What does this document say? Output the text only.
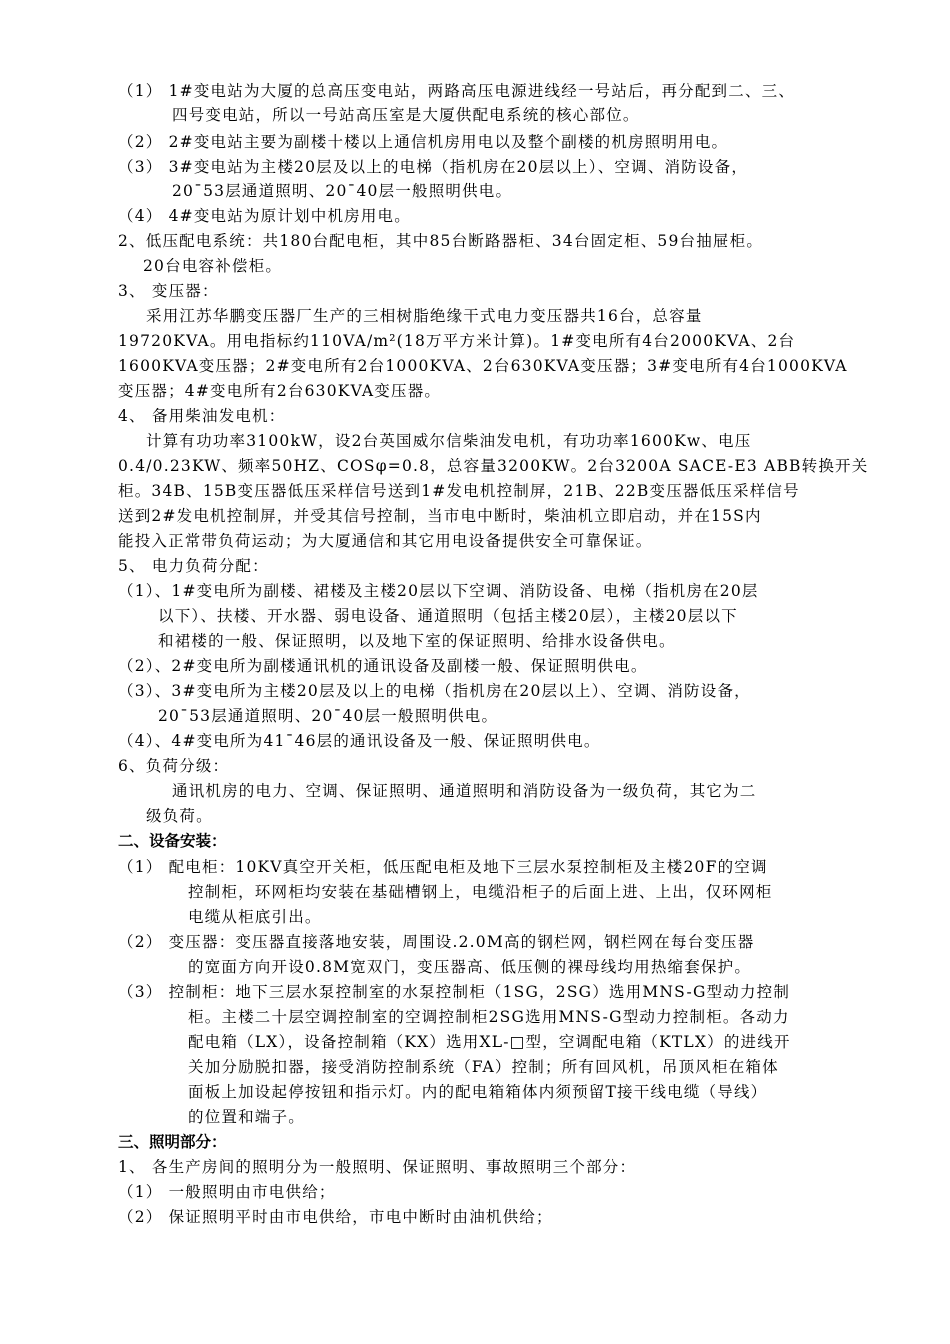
（1） 1#变电站为大厦的总高压变电站，两路高压电源进线经一号站后，再分配到二、三、
四号变电站，所以一号站高压室是大厦供配电系统的核心部位。
（2） 2#变电站主要为副楼十楼以上通信机房用电以及整个副楼的机房照明用电。
（3） 3#变电站为主楼20层及以上的电梯（指机房在20层以上）、空调、消防设备，
20¯53层通道照明、20¯40层一般照明供电。
（4） 4#变电站为原计划中机房用电。
2、低压配电系统：共180台配电柜，其中85台断路器柜、34台固定柜、59台抽屉柜。
20台电容补偿柜。
3、 变压器：
采用江苏华鹏变压器厂生产的三相树脂绝缘干式电力变压器共16台，总容量
19720KVA。用电指标约110VA/m²(18万平方米计算)。1#变电所有4台2000KVA、2台
1600KVA变压器；2#变电所有2台1000KVA、2台630KVA变压器；3#变电所有4台1000KVA
变压器；4#变电所有2台630KVA变压器。
4、 备用柴油发电机：
计算有功功率3100kW，设2台英国威尔信柴油发电机，有功功率1600Kw、电压
0.4/0.23KW、频率50HZ、COSφ=0.8，总容量3200KW。2台3200A SACE-E3 ABB转换开关
柜。34B、15B变压器低压采样信号送到1#发电机控制屏，21B、22B变压器低压采样信号
送到2#发电机控制屏，并受其信号控制，当市电中断时，柴油机立即启动，并在15S内
能投入正常带负荷运动；为大厦通信和其它用电设备提供安全可靠保证。
5、 电力负荷分配：
（1）、1#变电所为副楼、裙楼及主楼20层以下空调、消防设备、电梯（指机房在20层
以下）、扶楼、开水器、弱电设备、通道照明（包括主楼20层），主楼20层以下
和裙楼的一般、保证照明，以及地下室的保证照明、给排水设备供电。
（2）、2#变电所为副楼通讯机的通讯设备及副楼一般、保证照明供电。
（3）、3#变电所为主楼20层及以上的电梯（指机房在20层以上）、空调、消防设备，
20¯53层通道照明、20¯40层一般照明供电。
（4）、4#变电所为41¯46层的通讯设备及一般、保证照明供电。
6、负荷分级：
通讯机房的电力、空调、保证照明、通道照明和消防设备为一级负荷，其它为二
级负荷。
二、设备安装：
（1） 配电柜：10KV真空开关柜，低压配电柜及地下三层水泵控制柜及主楼20F的空调
控制柜，环网柜均安装在基础槽钢上，电缆沿柜子的后面上进、上出，仅环网柜
电缆从柜底引出。
（2） 变压器：变压器直接落地安装，周围设.2.0M高的钢栏网，钢栏网在每台变压器
的宽面方向开设0.8M宽双门，变压器高、低压侧的裸母线均用热缩套保护。
（3） 控制柜：地下三层水泵控制室的水泵控制柜（1SG，2SG）选用MNS-G型动力控制
柜。主楼二十层空调控制室的空调控制柜2SG选用MNS-G型动力控制柜。各动力
配电箱（LX），设备控制箱（KX）选用XL-□型，空调配电箱（KTLX）的进线开
关加分励脱扣器，接受消防控制系统（FA）控制；所有回风机，吊顶风柜在箱体
面板上加设起停按钮和指示灯。内的配电箱箱体内须预留T接干线电缆（导线）
的位置和端子。
三、照明部分：
1、 各生产房间的照明分为一般照明、保证照明、事故照明三个部分：
（1） 一般照明由市电供给；
（2） 保证照明平时由市电供给，市电中断时由油机供给；
